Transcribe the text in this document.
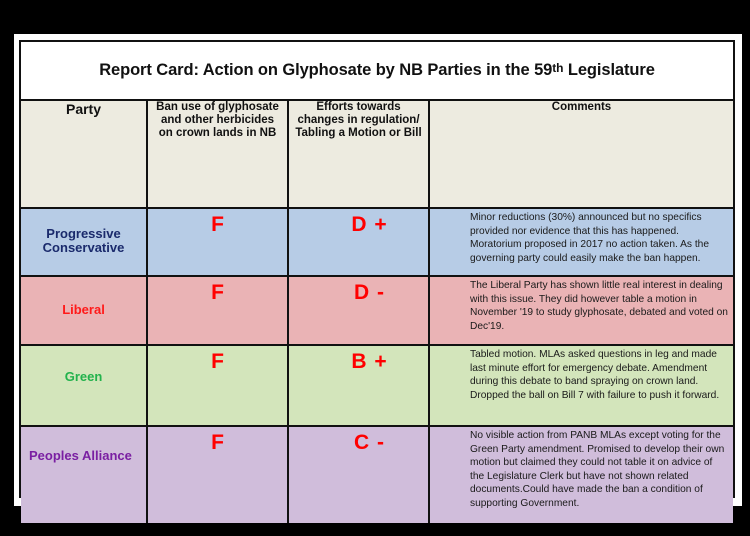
Report Card: Action on Glyphosate by NB Parties in the 59th Legislature
Party	Ban use of glyphosate and other herbicides on crown lands in NB	Efforts towards changes in regulation/ Tabling a Motion or Bill	Comments

Progressive Conservative	F	D +	Minor reductions (30%) announced but no specifics provided nor evidence that this has happened. Moratorium proposed in 2017 no action taken. As the governing party could easily make the ban happen.

Liberal	F	D -	The Liberal Party has shown little real interest in dealing with this issue. They did however table a motion in November '19 to study glyphosate, debated and voted on Dec'19.

Green	F	B +	Tabled motion. MLAs asked questions in leg and made last minute effort for emergency debate. Amendment during this debate to band spraying on crown land. Dropped the ball on Bill 7 with failure to push it forward.

Peoples Alliance	F	C -	No visible action from PANB MLAs except voting for the Green Party amendment. Promised to develop their own motion but claimed they could not table it on advice of the Legislature Clerk but have not shown related documents.Could have made the ban a condition of supporting Government.
